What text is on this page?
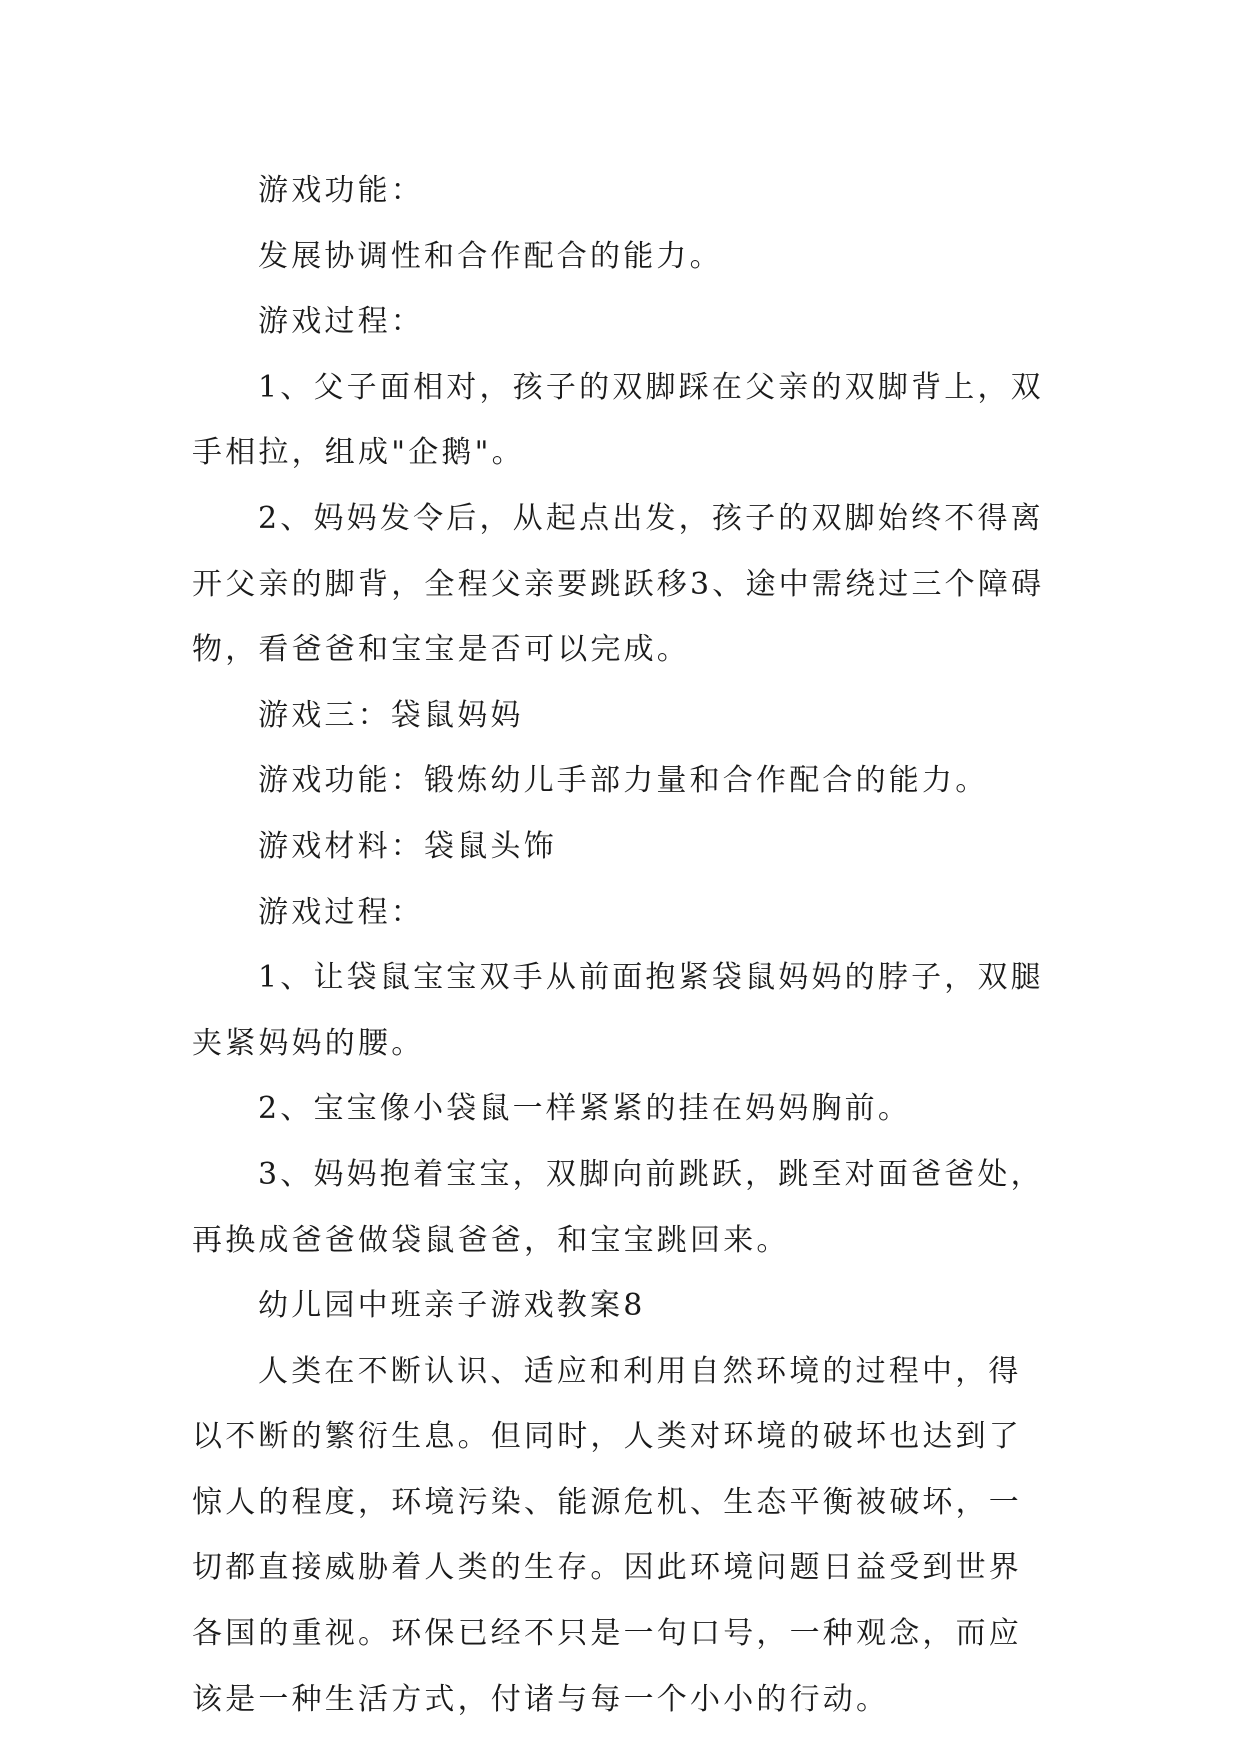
游戏功能：

发展协调性和合作配合的能力。

游戏过程：

1、父子面相对，孩子的双脚踩在父亲的双脚背上，双手相拉，组成"企鹅"。

2、妈妈发令后，从起点出发，孩子的双脚始终不得离开父亲的脚背，全程父亲要跳跃移3、途中需绕过三个障碍物，看爸爸和宝宝是否可以完成。

游戏三：袋鼠妈妈

游戏功能：锻炼幼儿手部力量和合作配合的能力。

游戏材料：袋鼠头饰

游戏过程：

1、让袋鼠宝宝双手从前面抱紧袋鼠妈妈的脖子，双腿夹紧妈妈的腰。

2、宝宝像小袋鼠一样紧紧的挂在妈妈胸前。

3、妈妈抱着宝宝，双脚向前跳跃，跳至对面爸爸处，再换成爸爸做袋鼠爸爸，和宝宝跳回来。

幼儿园中班亲子游戏教案8

人类在不断认识、适应和利用自然环境的过程中，得以不断的繁衍生息。但同时，人类对环境的破坏也达到了惊人的程度，环境污染、能源危机、生态平衡被破坏，一切都直接威胁着人类的生存。因此环境问题日益受到世界各国的重视。环保已经不只是一句口号，一种观念，而应该是一种生活方式，付诸与每一个小小的行动。
